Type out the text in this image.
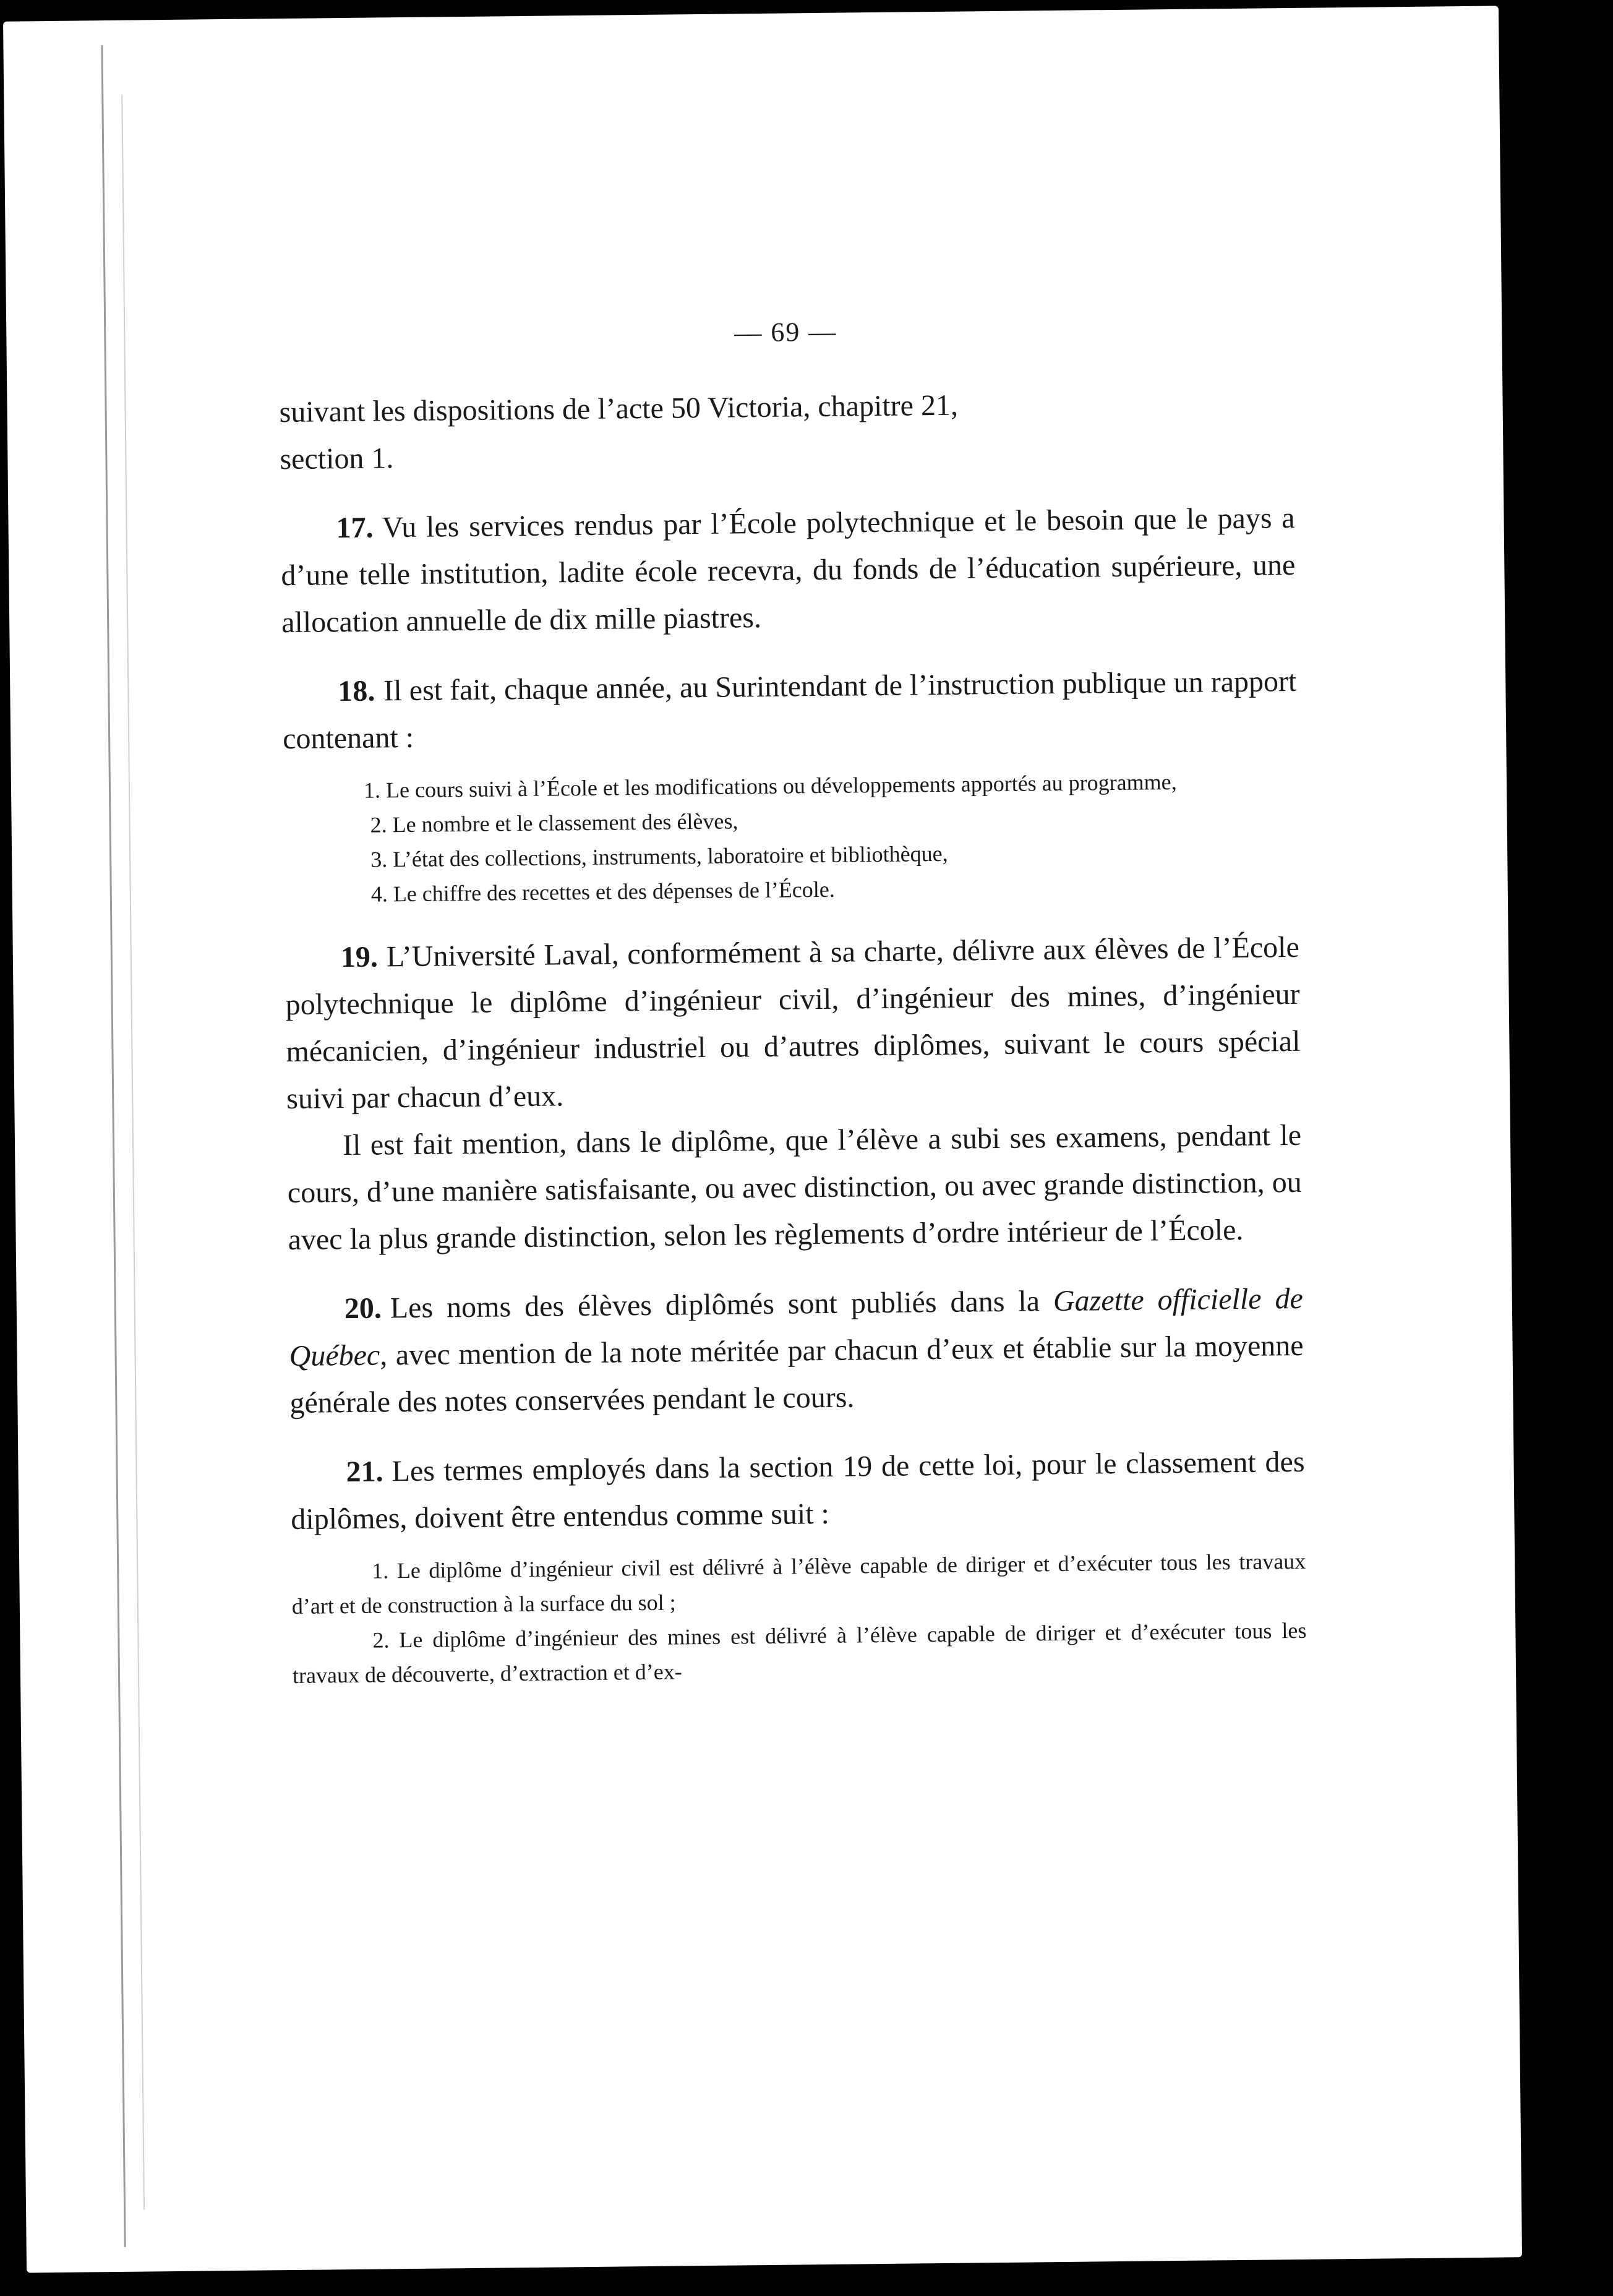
— 69 —

suivant les dispositions de l’acte 50 Victoria, chapitre 21,

section 1.

17. Vu les services rendus par l’École polytechnique et le besoin que le pays a d’une telle institution, ladite école recevra, du fonds de l’éducation supérieure, une allocation annuelle de dix mille piastres.

18. Il est fait, chaque année, au Surintendant de l’instruction publique un rapport contenant :

1. Le cours suivi à l’École et les modifications ou développements apportés au programme,

2. Le nombre et le classement des élèves,

3. L’état des collections, instruments, laboratoire et bibliothèque,

4. Le chiffre des recettes et des dépenses de l’École.

19. L’Université Laval, conformément à sa charte, délivre aux élèves de l’École polytechnique le diplôme d’ingénieur civil, d’ingénieur des mines, d’ingénieur mécanicien, d’ingénieur industriel ou d’autres diplômes, suivant le cours spécial suivi par chacun d’eux.

Il est fait mention, dans le diplôme, que l’élève a subi ses examens, pendant le cours, d’une manière satisfaisante, ou avec distinction, ou avec grande distinction, ou avec la plus grande distinction, selon les règlements d’ordre intérieur de l’École.

20. Les noms des élèves diplômés sont publiés dans la Gazette officielle de Québec, avec mention de la note méritée par chacun d’eux et établie sur la moyenne générale des notes conservées pendant le cours.

21. Les termes employés dans la section 19 de cette loi, pour le classement des diplômes, doivent être entendus comme suit :

1. Le diplôme d’ingénieur civil est délivré à l’élève capable de diriger et d’exécuter tous les travaux d’art et de construction à la surface du sol ;

2. Le diplôme d’ingénieur des mines est délivré à l’élève capable de diriger et d’exécuter tous les travaux de découverte, d’extraction et d’ex-
